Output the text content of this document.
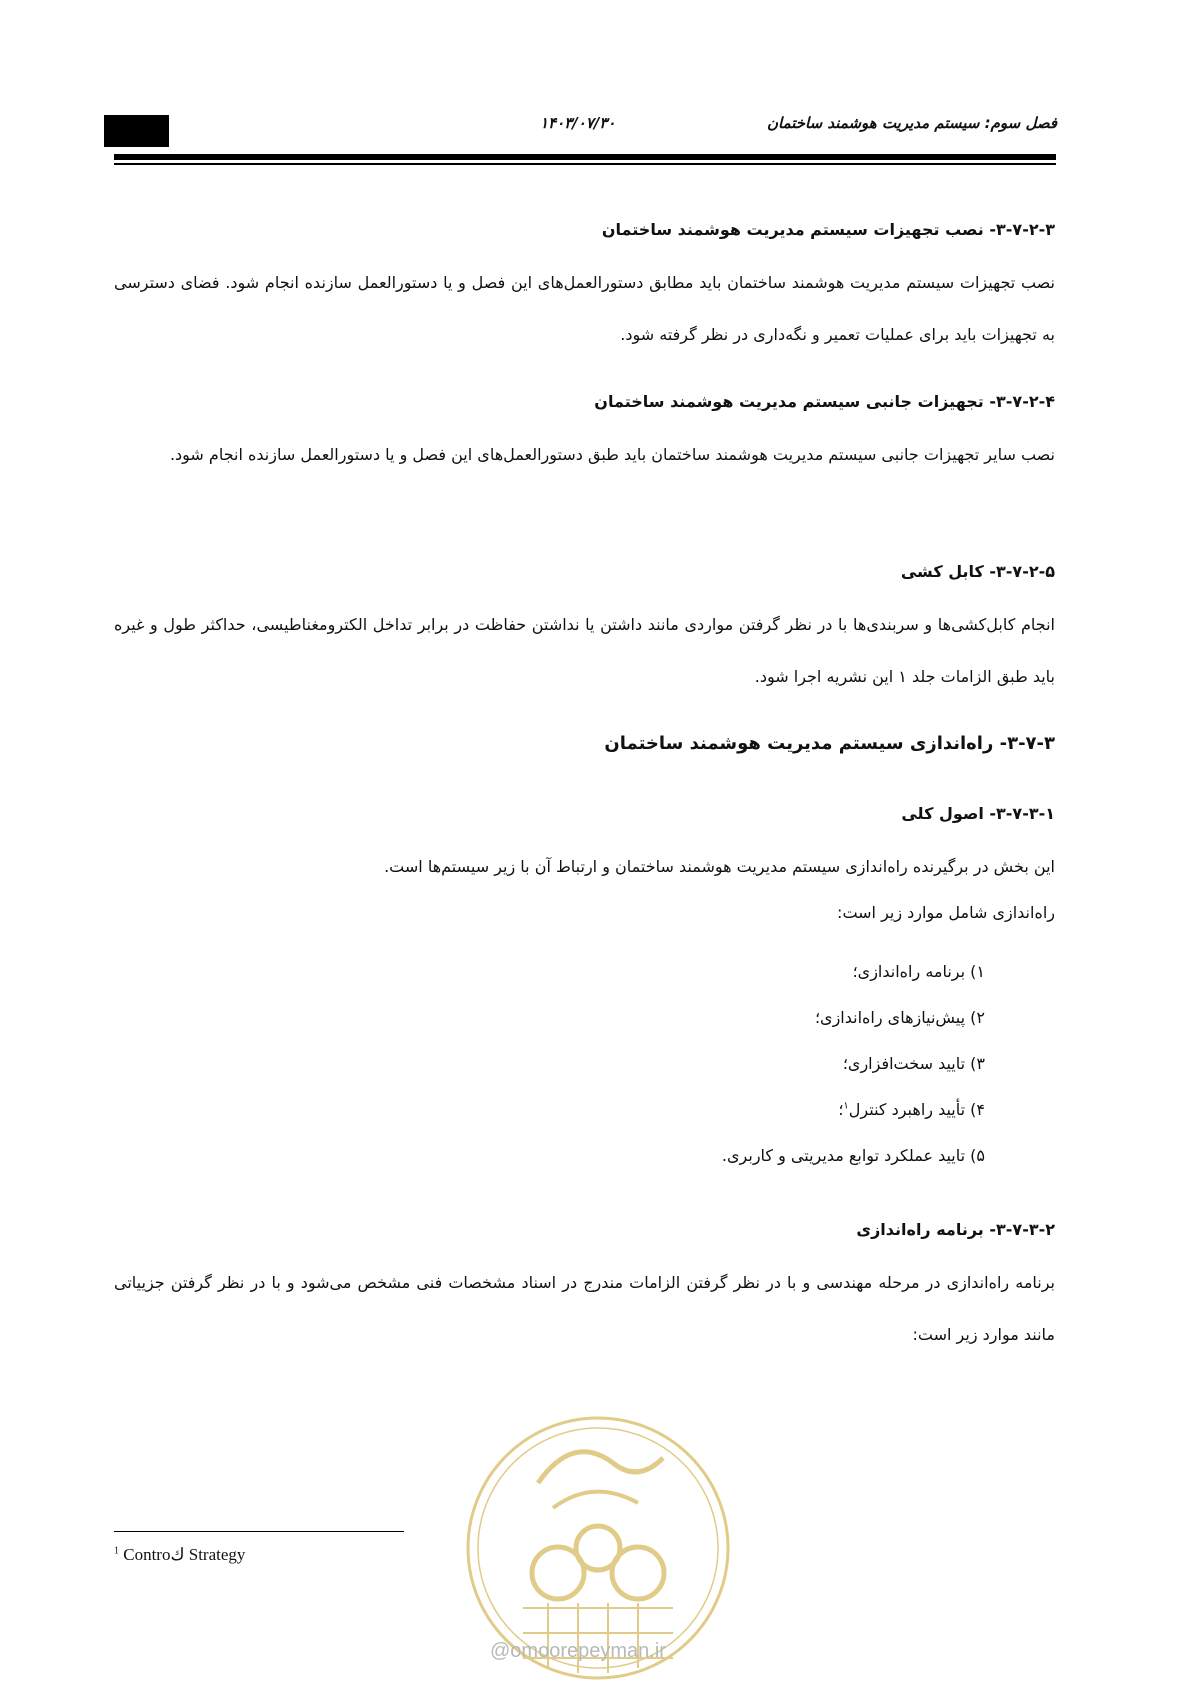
فصل سوم: سیستم مدیریت هوشمند ساختمان
۱۴۰۳/۰۷/۳۰
۳-۷-۲-۳- نصب تجهیزات سیستم مدیریت هوشمند ساختمان
نصب تجهیزات سیستم مدیریت هوشمند ساختمان باید مطابق دستورالعمل‌های این فصل و یا دستورالعمل سازنده انجام شود. فضای دسترسی به تجهیزات باید برای عملیات تعمیر و نگه‌داری در نظر گرفته شود.
۳-۷-۲-۴- تجهیزات جانبی سیستم مدیریت هوشمند ساختمان
نصب سایر تجهیزات جانبی سیستم مدیریت هوشمند ساختمان باید طبق دستورالعمل‌های این فصل و یا دستورالعمل سازنده انجام شود.
۳-۷-۲-۵- کابل کشی
انجام کابل‌کشی‌ها و سربندی‌ها با در نظر گرفتن مواردی مانند داشتن یا نداشتن حفاظت در برابر تداخل الکترومغناطیسی، حداکثر طول و غیره باید طبق الزامات جلد ۱ این نشریه اجرا شود.
۳-۷-۳- راه‌اندازی سیستم مدیریت هوشمند ساختمان
۳-۷-۳-۱- اصول کلی
این بخش در برگیرنده راه‌اندازی سیستم مدیریت هوشمند ساختمان و ارتباط آن با زیر سیستم‌ها است.
راه‌اندازی شامل موارد زیر است:
۱) برنامه راه‌اندازی؛
۲) پیش‌نیازهای راه‌اندازی؛
۳) تایید سخت‌افزاری؛
۴) تأیید راهبرد کنترل$^۱$؛
۵) تایید عملکرد توابع مدیریتی و کاربری.
۳-۷-۳-۲- برنامه راه‌اندازی
برنامه راه‌اندازی در مرحله مهندسی و با در نظر گرفتن الزامات مندرج در اسناد مشخصات فنی مشخص می‌شود و با در نظر گرفتن جزییاتی مانند موارد زیر است:
@omoorepeyman.ir
$^1$ Controك Strategy
